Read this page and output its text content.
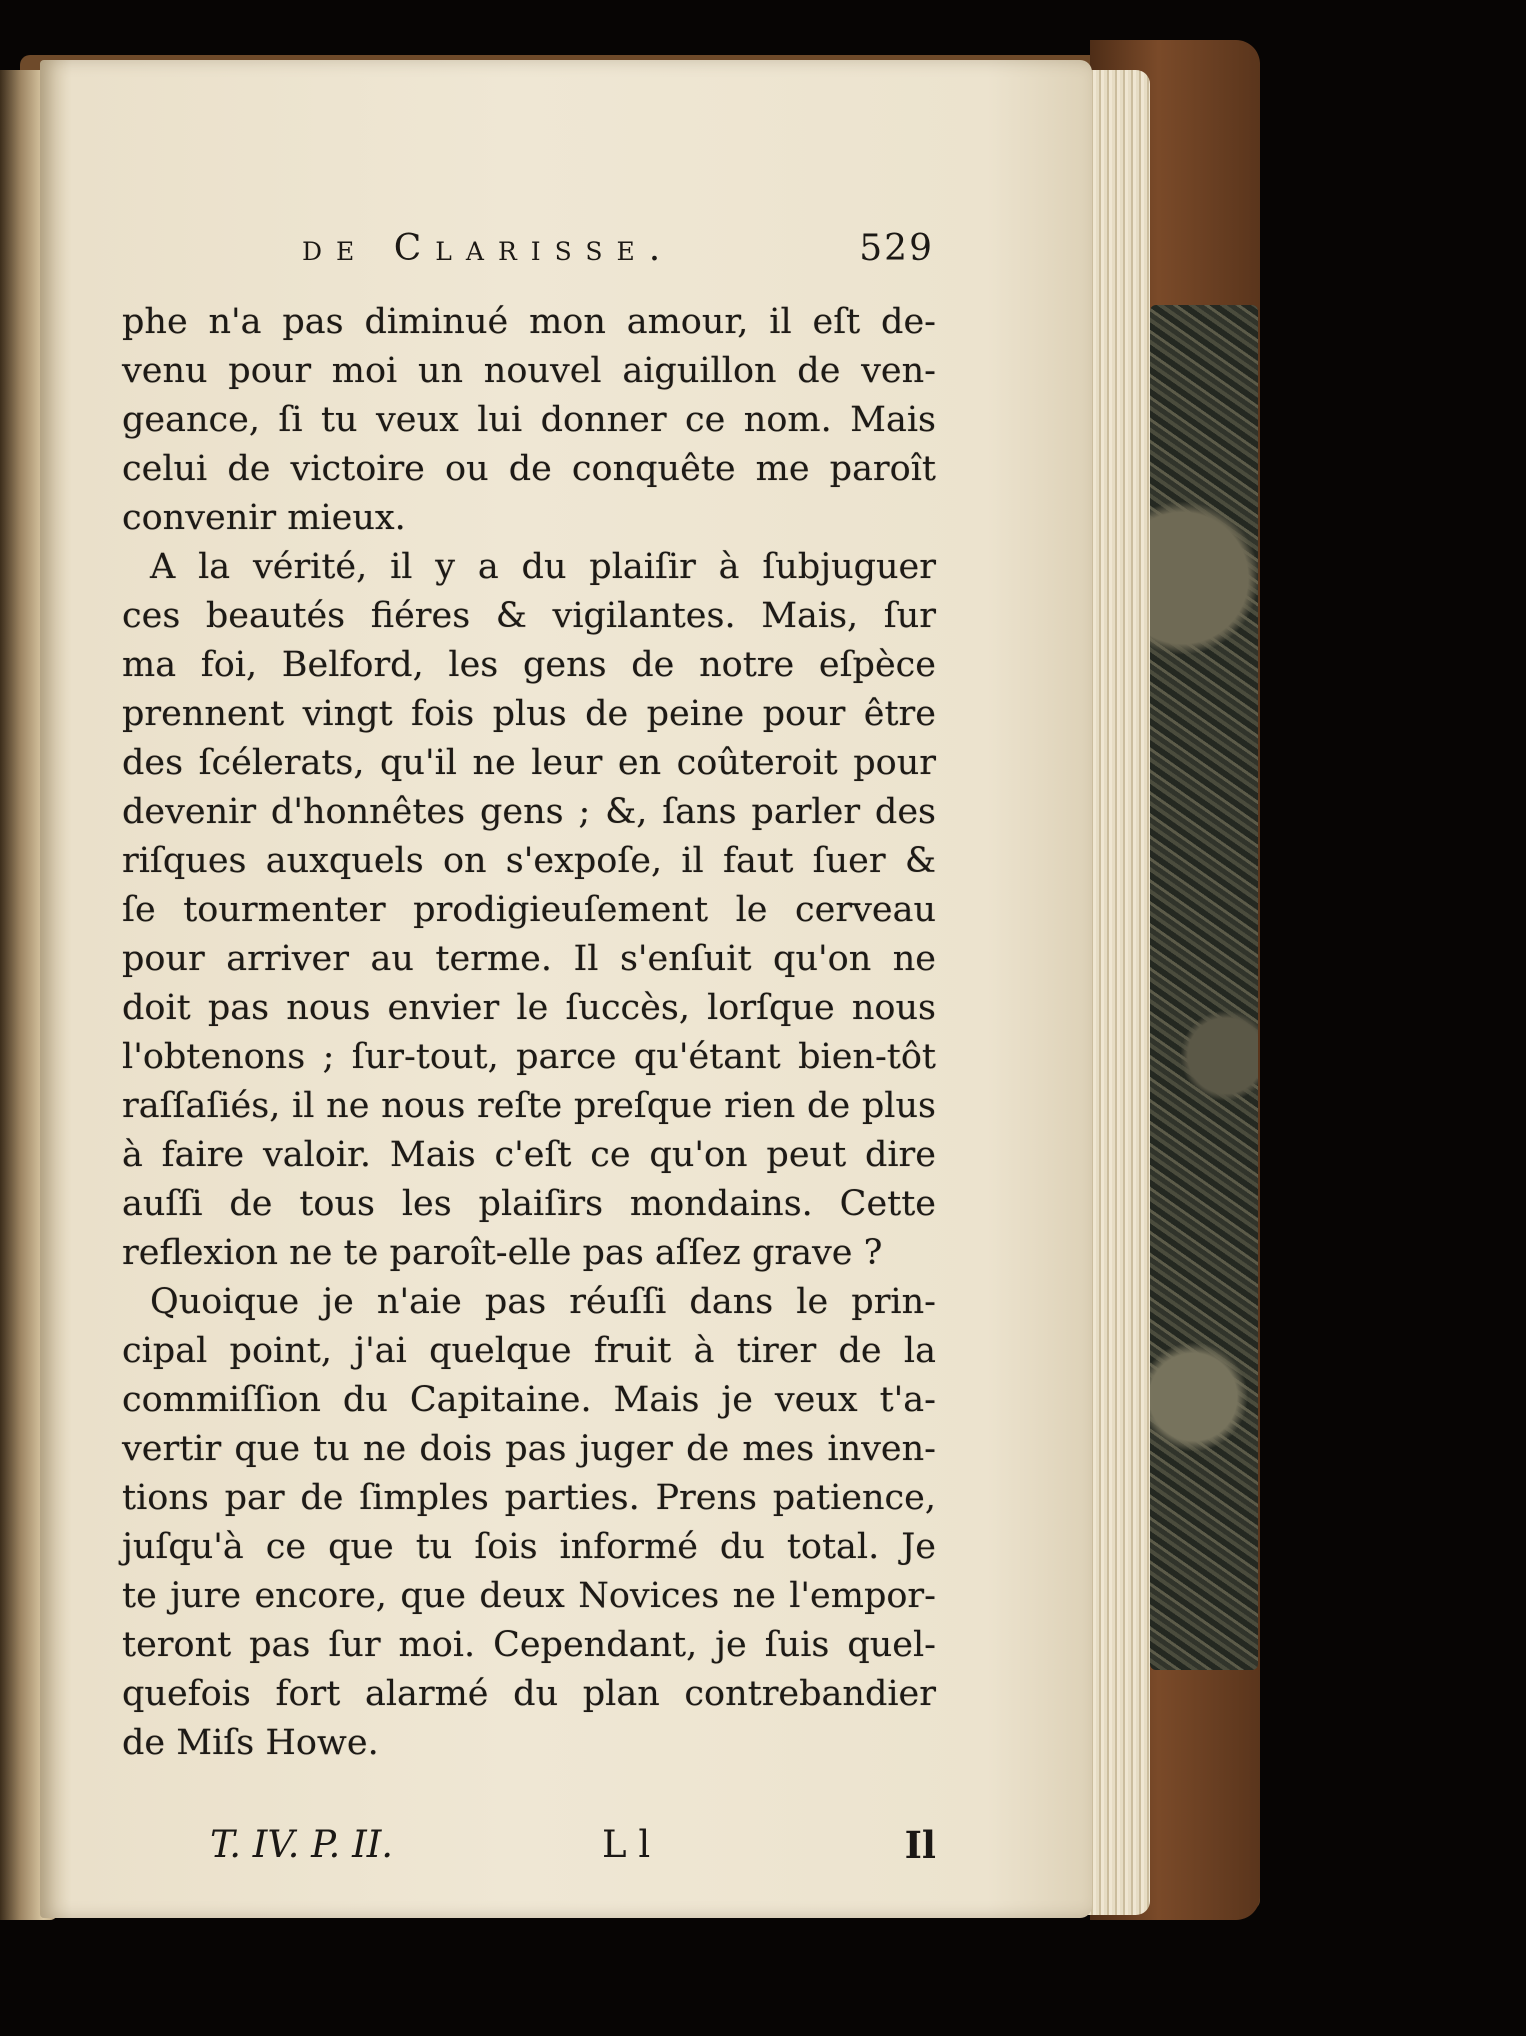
de Clarisse.	529
phe n'a pas diminué mon amour, il eſt de-
venu pour moi un nouvel aiguillon de ven-
geance, ſi tu veux lui donner ce nom. Mais
celui de victoire ou de conquête me paroît
convenir mieux.
A la vérité, il y a du plaiſir à ſubjuguer
ces beautés fiéres & vigilantes. Mais, ſur
ma foi, Belford, les gens de notre eſpèce
prennent vingt fois plus de peine pour être
des ſcélerats, qu'il ne leur en coûteroit pour
devenir d'honnêtes gens ; &, ſans parler des
riſques auxquels on s'expoſe, il faut ſuer &
ſe tourmenter prodigieuſement le cerveau
pour arriver au terme. Il s'enſuit qu'on ne
doit pas nous envier le ſuccès, lorſque nous
l'obtenons ; ſur-tout, parce qu'étant bien-tôt
raſſaſiés, il ne nous reſte preſque rien de plus
à faire valoir. Mais c'eſt ce qu'on peut dire
auſſi de tous les plaiſirs mondains. Cette
reflexion ne te paroît-elle pas aſſez grave ?
Quoique je n'aie pas réuſſi dans le prin-
cipal point, j'ai quelque fruit à tirer de la
commiſſion du Capitaine. Mais je veux t'a-
vertir que tu ne dois pas juger de mes inven-
tions par de ſimples parties. Prens patience,
juſqu'à ce que tu ſois informé du total. Je
te jure encore, que deux Novices ne l'empor-
teront pas ſur moi. Cependant, je ſuis quel-
quefois fort alarmé du plan contrebandier
de Miſs Howe.
T. IV. P. II.	L l	Il
